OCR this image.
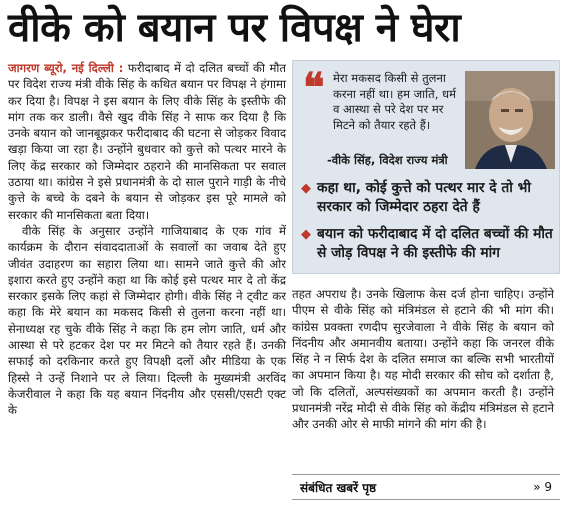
वीके को बयान पर विपक्ष ने घेरा

जागरण ब्यूरो, नई दिल्ली : फरीदाबाद में दो दलित बच्चों की मौत पर विदेश राज्य मंत्री वीके सिंह के कथित बयान पर विपक्ष ने हंगामा कर दिया है। विपक्ष ने इस बयान के लिए वीके सिंह के इस्तीफे की मांग तक कर डाली। वैसे खुद वीके सिंह ने साफ कर दिया है कि उनके बयान को जानबूझकर फरीदाबाद की घटना से जोड़कर विवाद खड़ा किया जा रहा है। उन्होंने बुधवार को कुत्ते को पत्थर मारने के लिए केंद्र सरकार को जिम्मेदार ठहराने की मानसिकता पर सवाल उठाया था। कांग्रेस ने इसे प्रधानमंत्री के दो साल पुराने गाड़ी के नीचे कुत्ते के बच्चे के दबने के बयान से जोड़कर इस पूरे मामले को सरकार की मानसिकता बता दिया।

वीके सिंह के अनुसार उन्होंने गाजियाबाद के एक गांव में कार्यक्रम के दौरान संवाददाताओं के सवालों का जवाब देते हुए जीवंत उदाहरण का सहारा लिया था। सामने जाते कुत्ते की ओर इशारा करते हुए उन्होंने कहा था कि कोई इसे पत्थर मार दे तो केंद्र सरकार इसके लिए कहां से जिम्मेदार होगी। वीके सिंह ने ट्वीट कर कहा कि मेरे बयान का मकसद किसी से तुलना करना नहीं था। सेनाध्यक्ष रह चुके वीके सिंह ने कहा कि हम लोग जाति, धर्म और आस्था से परे हटकर देश पर मर मिटने को तैयार रहते हैं। उनकी सफाई को दरकिनार करते हुए विपक्षी दलों और मीडिया के एक हिस्से ने उन्हें निशाने पर ले लिया। दिल्ली के मुख्यमंत्री अरविंद केजरीवाल ने कहा कि यह बयान निंदनीय और एससी/एसटी एक्ट के

❝ मेरा मकसद किसी से तुलना करना नहीं था। हम जाति, धर्म व आस्था से परे देश पर मर मिटने को तैयार रहते हैं।
-वीके सिंह, विदेश राज्य मंत्री
◆ कहा था, कोई कुत्ते को पत्थर मार दे तो भी सरकार को जिम्मेदार ठहरा देते हैं
◆ बयान को फरीदाबाद में दो दलित बच्चों की मौत से जोड़ विपक्ष ने की इस्तीफे की मांग

तहत अपराध है। उनके खिलाफ केस दर्ज होना चाहिए। उन्होंने पीएम से वीके सिंह को मंत्रिमंडल से हटाने की भी मांग की। कांग्रेस प्रवक्ता रणदीप सुरजेवाला ने वीके सिंह के बयान को निंदनीय और अमानवीय बताया। उन्होंने कहा कि जनरल वीके सिंह ने न सिर्फ देश के दलित समाज का बल्कि सभी भारतीयों का अपमान किया है। यह मोदी सरकार की सोच को दर्शाता है, जो कि दलितों, अल्पसंख्यकों का अपमान करती है। उन्होंने प्रधानमंत्री नरेंद्र मोदी से वीके सिंह को केंद्रीय मंत्रिमंडल से हटाने और उनकी ओर से माफी मांगने की मांग की है।

संबंधित खबरें पृष्ठ	» 9
